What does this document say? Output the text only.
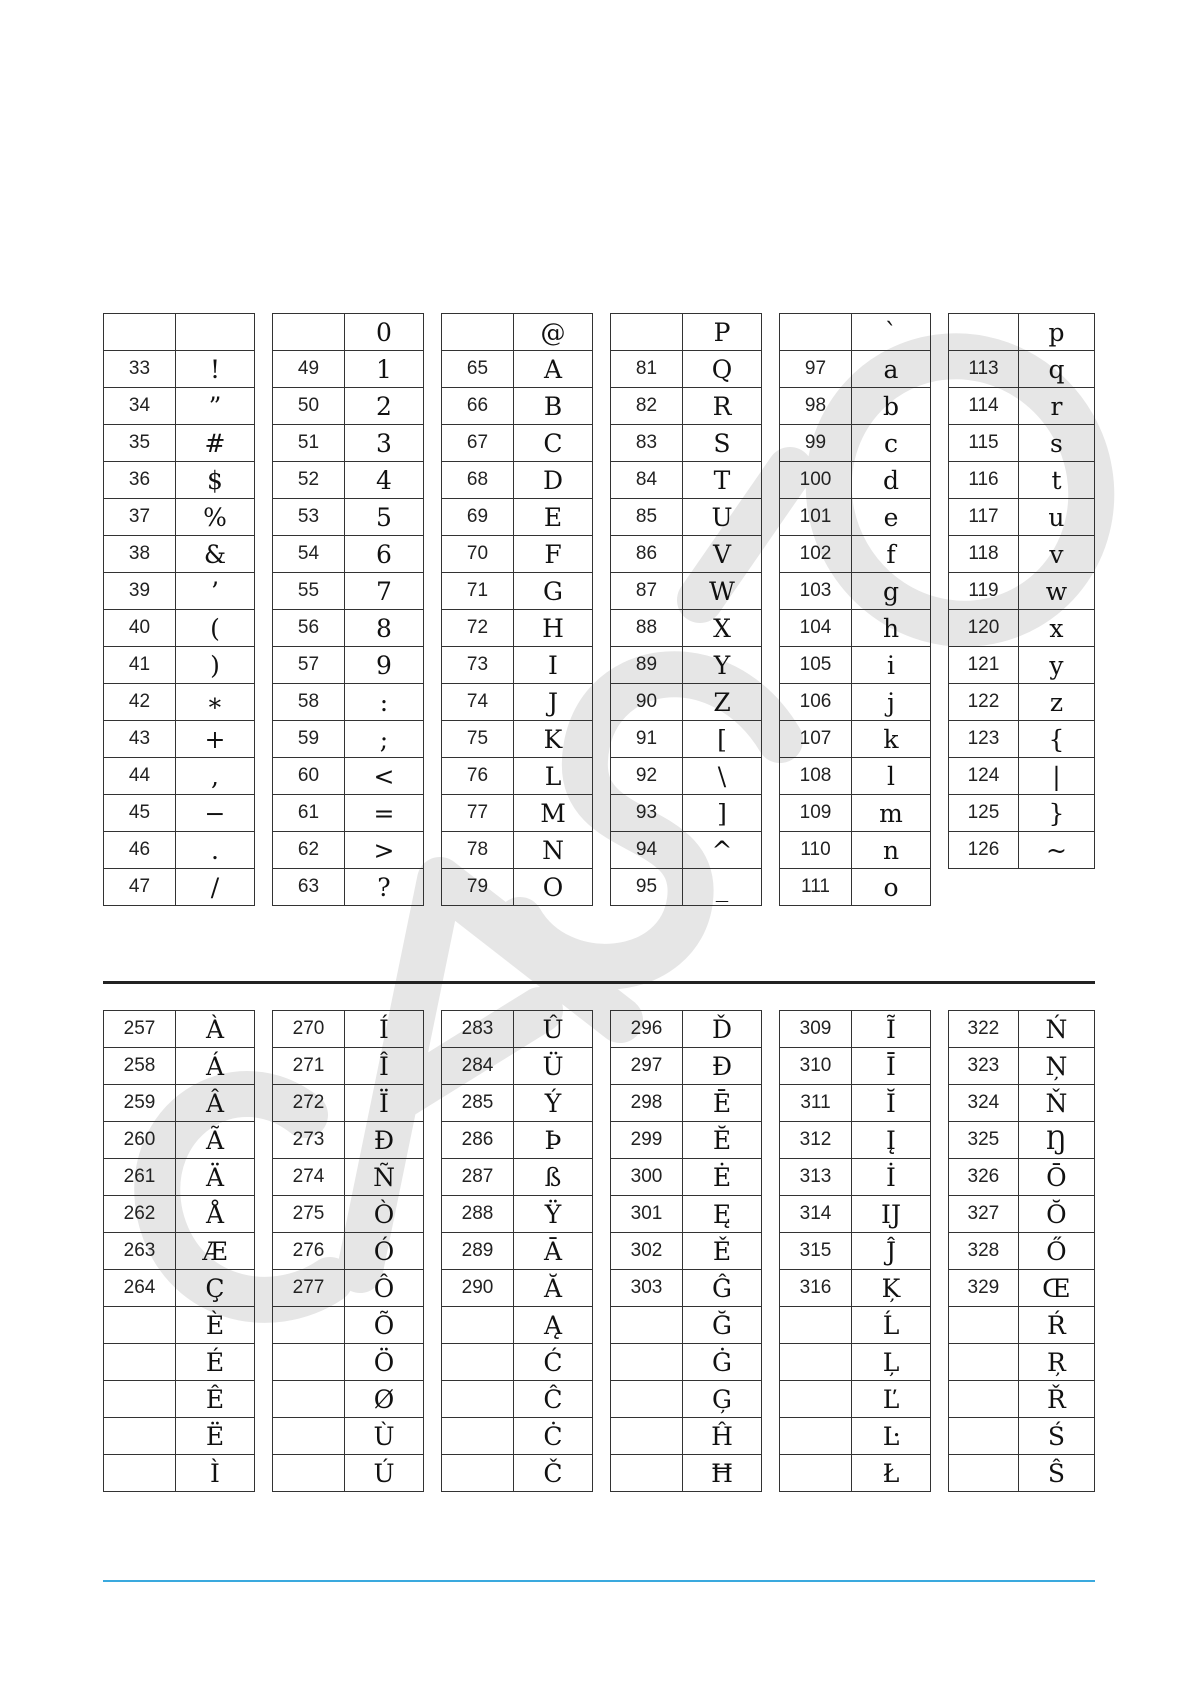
33	!
34	”
35	#
36	$
37	%
38	&
39	’
40	(
41	)
42	∗
43	+
44	,
45	−
46	.
47	/
	0
49	1
50	2
51	3
52	4
53	5
54	6
55	7
56	8
57	9
58	:
59	;
60	<
61	=
62	>
63	?
	@
65	A
66	B
67	C
68	D
69	E
70	F
71	G
72	H
73	I
74	J
75	K
76	L
77	M
78	N
79	O
	P
81	Q
82	R
83	S
84	T
85	U
86	V
87	W
88	X
89	Y
90	Z
91	[
92	\
93	]
94	^
95	_
	`
97	a
98	b
99	c
100	d
101	e
102	f
103	g
104	h
105	i
106	j
107	k
108	l
109	m
110	n
111	o
	p
113	q
114	r
115	s
116	t
117	u
118	v
119	w
120	x
121	y
122	z
123	{
124	|
125	}
126	~
257	À
258	Á
259	Â
260	Ã
261	Ä
262	Å
263	Æ
264	Ç
	È
	É
	Ê
	Ë
	Ì
270	Í
271	Î
272	Ï
273	Ð
274	Ñ
275	Ò
276	Ó
277	Ô
	Õ
	Ö
	Ø
	Ù
	Ú
283	Û
284	Ü
285	Ý
286	Þ
287	ß
288	Ÿ
289	Ā
290	Ă
	Ą
	Ć
	Ĉ
	Ċ
	Č
296	Ď
297	Đ
298	Ē
299	Ĕ
300	Ė
301	Ę
302	Ě
303	Ĝ
	Ğ
	Ġ
	Ģ
	Ĥ
	Ħ
309	Ĩ
310	Ī
311	Ĭ
312	Į
313	İ
314	Ĳ
315	Ĵ
316	Ķ
	Ĺ
	Ļ
	Ľ
	Ŀ
	Ł
322	Ń
323	Ņ
324	Ň
325	Ŋ
326	Ō
327	Ŏ
328	Ő
329	Œ
	Ŕ
	Ŗ
	Ř
	Ś
	Ŝ
